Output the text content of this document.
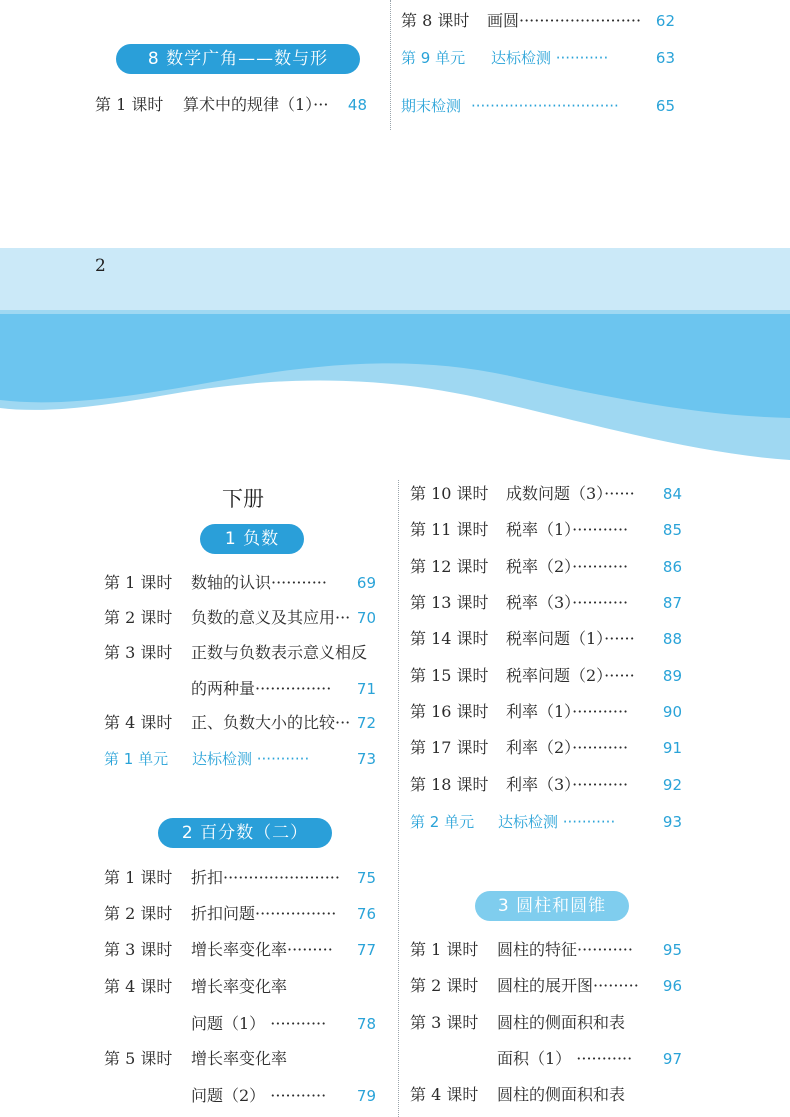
8 数学广角——数与形
第 1 课时 算术中的规律（1）··· 48
第 8 课时 画圆························ 62
第 9 单元 达标检测 ···········	63
期末检测 ······························· 65
2
下册
1 负数
第 1 课时 数轴的认识··········· 69
第 2 课时 负数的意义及其应用··· 70
第 3 课时 正数与负数表示意义相反
的两种量··············· 71
第 4 课时 正、负数大小的比较··· 72
第 1 单元 达标检测 ···········	73
2 百分数（二）
第 1 课时 折扣······················· 75
第 2 课时 折扣问题················ 76
第 3 课时 增长率变化率········· 77
第 4 课时 增长率变化率
问题（1） ··········· 78
第 5 课时 增长率变化率
问题（2） ··········· 79
第 10 课时 成数问题（3）······ 84
第 11 课时 税率（1）··········· 85
第 12 课时 税率（2）··········· 86
第 13 课时 税率（3）··········· 87
第 14 课时 税率问题（1）······ 88
第 15 课时 税率问题（2）······ 89
第 16 课时 利率（1）··········· 90
第 17 课时 利率（2）··········· 91
第 18 课时 利率（3）··········· 92
第 2 单元 达标检测 ···········	93
3 圆柱和圆锥
第 1 课时 圆柱的特征··········· 95
第 2 课时 圆柱的展开图········· 96
第 3 课时 圆柱的侧面积和表
面积（1） ··········· 97
第 4 课时 圆柱的侧面积和表
